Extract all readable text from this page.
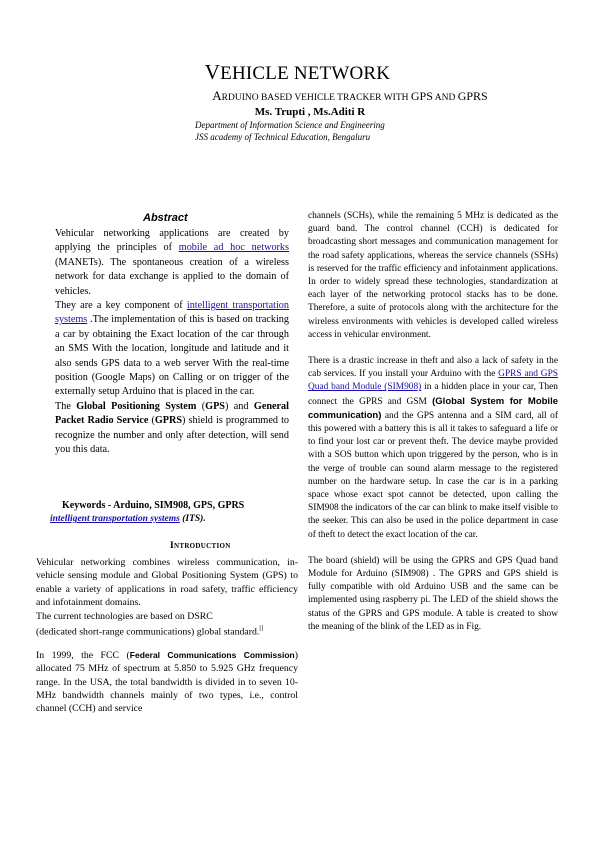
VEHICLE NETWORK
ARDUINO BASED VEHICLE TRACKER WITH GPS AND GPRS
Ms. Trupti , Ms.Aditi R
Department of Information Science and Engineering
JSS academy of Technical Education, Bengaluru
Abstract

Vehicular networking applications are created by applying the principles of mobile ad hoc networks (MANETs). The spontaneous creation of a wireless network for data exchange is applied to the domain of vehicles.

They are a key component of intelligent transportation systems .The implementation of this is based on tracking a car by obtaining the Exact location of the car through an SMS With the location, longitude and latitude and it also sends GPS data to a web server With the real-time position (Google Maps) on Calling or on trigger of the externally setup Arduino that is placed in the car.

The Global Positioning System (GPS) and General Packet Radio Service (GPRS) shield is programmed to recognize the number and only after detection, will send you this data.

Keywords - Arduino, SIM908, GPS, GPRS
intelligent transportation systems (ITS).
Introduction

Vehicular networking combines wireless communication, in-vehicle sensing module and Global Positioning System (GPS) to enable a variety of applications in road safety, traffic efficiency and infotainment domains.

The current technologies are based on DSRC

(dedicated short-range communications) global standard.[]

In 1999, the FCC (Federal Communications Commission) allocated 75 MHz of spectrum at 5.850 to 5.925 GHz frequency range. In the USA, the total bandwidth is divided in to seven 10-MHz bandwidth channels mainly of two types, i.e., control channel (CCH) and service

channels (SCHs), while the remaining 5 MHz is dedicated as the guard band. The control channel (CCH) is dedicated for broadcasting short messages and communication management for the road safety applications, whereas the service channels (SSHs) is reserved for the traffic efficiency and infotainment applications. In order to widely spread these technologies, standardization at each layer of the networking protocol stacks has to be done. Therefore, a suite of protocols along with the architecture for the wireless environments with vehicles is developed called wireless access in vehicular environment.

There is a drastic increase in theft and also a lack of safety in the cab services. If you install your Arduino with the GPRS and GPS Quad band Module (SIM908) in a hidden place in your car, Then connect the GPRS and GSM (Global System for Mobile communication) and the GPS antenna and a SIM card, all of this powered with a battery this is all it takes to safeguard a life or to find your lost car or prevent theft. The device maybe provided with a SOS button which upon triggered by the person, who is in the verge of trouble can sound alarm message to the registered number on the hardware setup. In case the car is in a parking space whose exact spot cannot be detected, upon calling the SIM908 the indicators of the car can blink to make itself visible to the seeker. This can also be used in the police department in case of theft to detect the exact location of the car.

The board (shield) will be using the GPRS and GPS Quad band Module for Arduino (SIM908) . The GPRS and GPS shield is fully compatible with old Arduino USB and the same can be implemented using raspberry pi. The LED of the shield shows the status of the GPRS and GPS module. A table is created to show the meaning of the blink of the LED as in Fig.
